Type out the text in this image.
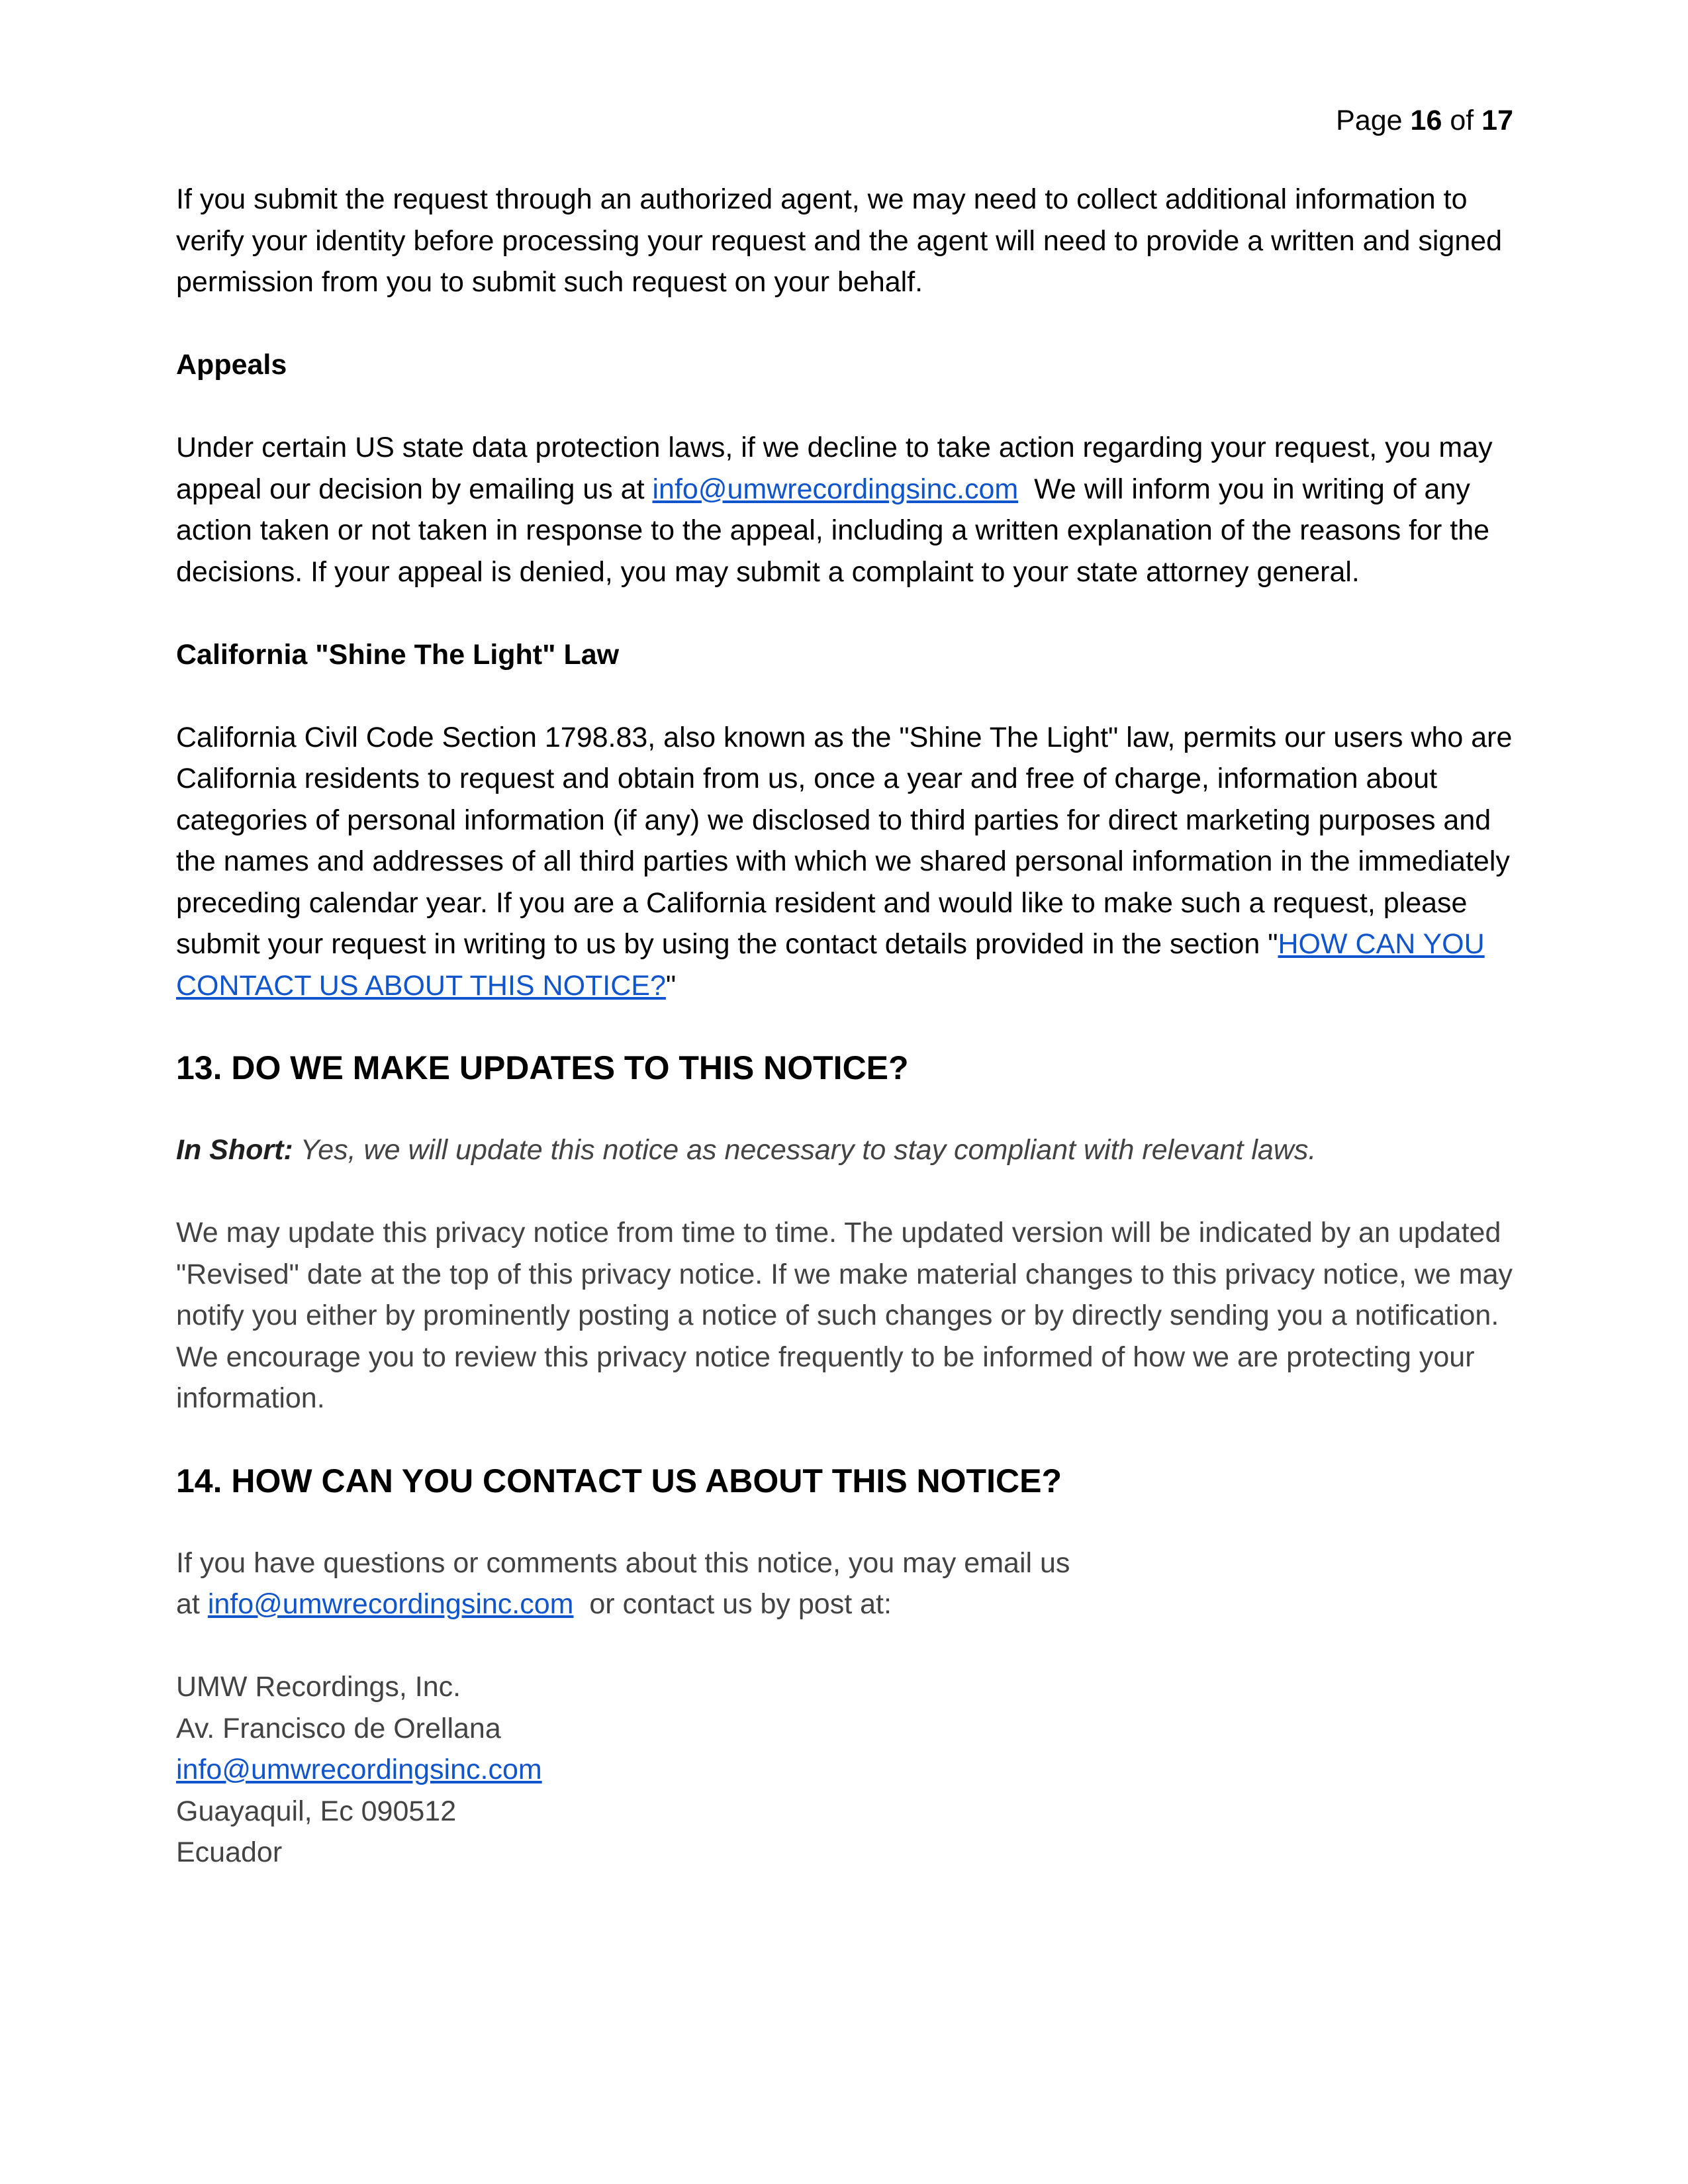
Page 16 of 17

If you submit the request through an authorized agent, we may need to collect additional information to verify your identity before processing your request and the agent will need to provide a written and signed permission from you to submit such request on your behalf.

Appeals

Under certain US state data protection laws, if we decline to take action regarding your request, you may appeal our decision by emailing us at info@umwrecordingsinc.com  We will inform you in writing of any action taken or not taken in response to the appeal, including a written explanation of the reasons for the decisions. If your appeal is denied, you may submit a complaint to your state attorney general.

California "Shine The Light" Law

California Civil Code Section 1798.83, also known as the "Shine The Light" law, permits our users who are California residents to request and obtain from us, once a year and free of charge, information about categories of personal information (if any) we disclosed to third parties for direct marketing purposes and the names and addresses of all third parties with which we shared personal information in the immediately preceding calendar year. If you are a California resident and would like to make such a request, please submit your request in writing to us by using the contact details provided in the section "HOW CAN YOU CONTACT US ABOUT THIS NOTICE?"

13. DO WE MAKE UPDATES TO THIS NOTICE?

In Short: Yes, we will update this notice as necessary to stay compliant with relevant laws.

We may update this privacy notice from time to time. The updated version will be indicated by an updated "Revised" date at the top of this privacy notice. If we make material changes to this privacy notice, we may notify you either by prominently posting a notice of such changes or by directly sending you a notification. We encourage you to review this privacy notice frequently to be informed of how we are protecting your information.

14. HOW CAN YOU CONTACT US ABOUT THIS NOTICE?

If you have questions or comments about this notice, you may email us
at info@umwrecordingsinc.com  or contact us by post at:

UMW Recordings, Inc.
Av. Francisco de Orellana
info@umwrecordingsinc.com
Guayaquil, Ec 090512
Ecuador
